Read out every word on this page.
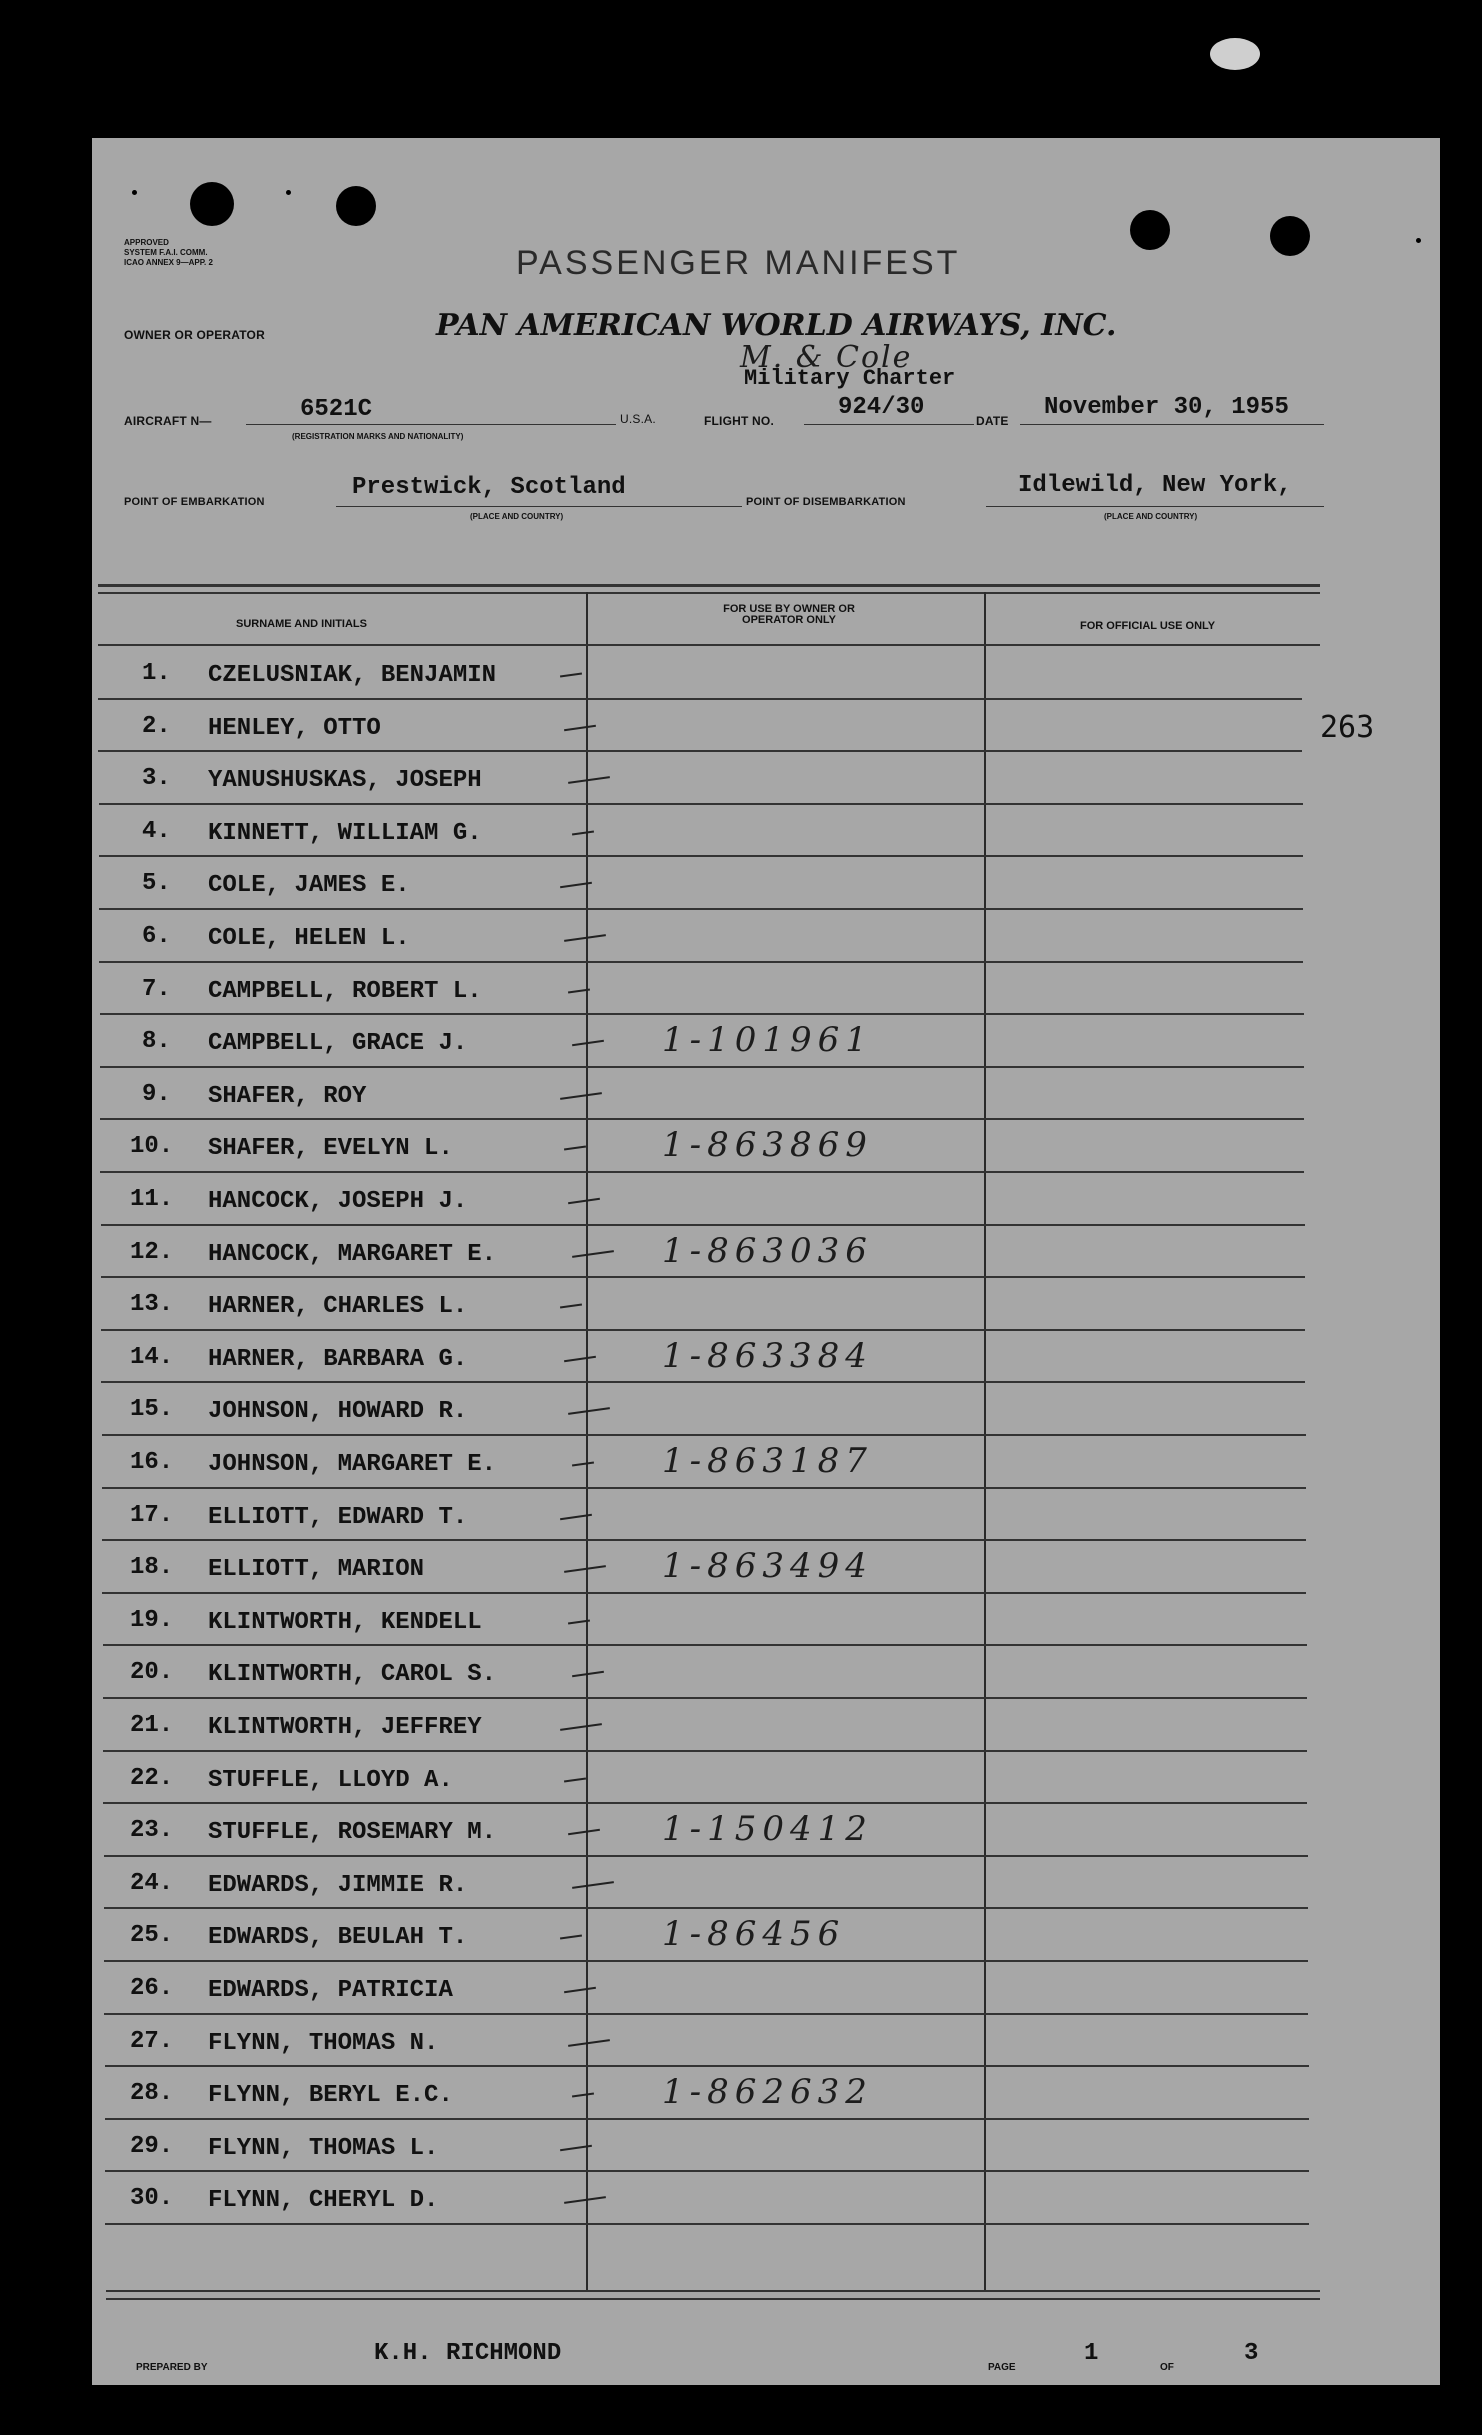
APPROVED
SYSTEM F.A.I. COMM.
ICAO ANNEX 9—APP. 2	PASSENGER MANIFEST
OWNER OR OPERATOR	PAN AMERICAN WORLD AIRWAYS, INC.
Military Charter
M. & Cole
AIRCRAFT N—	6521C
(REGISTRATION MARKS AND NATIONALITY)
U.S.A.	FLIGHT NO.	924/30	DATE November 30, 1955
POINT OF EMBARKATION
Prestwick, Scotland
(PLACE AND COUNTRY)
POINT OF DISEMBARKATION
Idlewild, New York,
(PLACE AND COUNTRY)
SURNAME AND INITIALS
FOR USE BY OWNER OR OPERATOR ONLY	FOR OFFICIAL USE ONLY
263
1. CZELUSNIAK, BENJAMIN
2. HENLEY, OTTO
3. YANUSHUSKAS, JOSEPH
4. KINNETT, WILLIAM G.
5. COLE, JAMES E.
6. COLE, HELEN L.
7. CAMPBELL, ROBERT L.
8. CAMPBELL, GRACE J.	1-101961
9. SHAFER, ROY
10. SHAFER, EVELYN L.	1-863869
11. HANCOCK, JOSEPH J.
12. HANCOCK, MARGARET E.	1-863036
13. HARNER, CHARLES L.
14. HARNER, BARBARA G.	1-863384
15. JOHNSON, HOWARD R.
16. JOHNSON, MARGARET E.	1-863187
17. ELLIOTT, EDWARD T.
18. ELLIOTT, MARION	1-863494
19. KLINTWORTH, KENDELL
20. KLINTWORTH, CAROL S.
21. KLINTWORTH, JEFFREY
22. STUFFLE, LLOYD A.
23. STUFFLE, ROSEMARY M.	1-150412
24. EDWARDS, JIMMIE R.
25. EDWARDS, BEULAH T.	1-86456
26. EDWARDS, PATRICIA
27. FLYNN, THOMAS N.
28. FLYNN, BERYL E.C.	1-862632
29. FLYNN, THOMAS L.
30. FLYNN, CHERYL D.
PREPARED BY
K.H. RICHMOND
PAGE
1
OF
3
